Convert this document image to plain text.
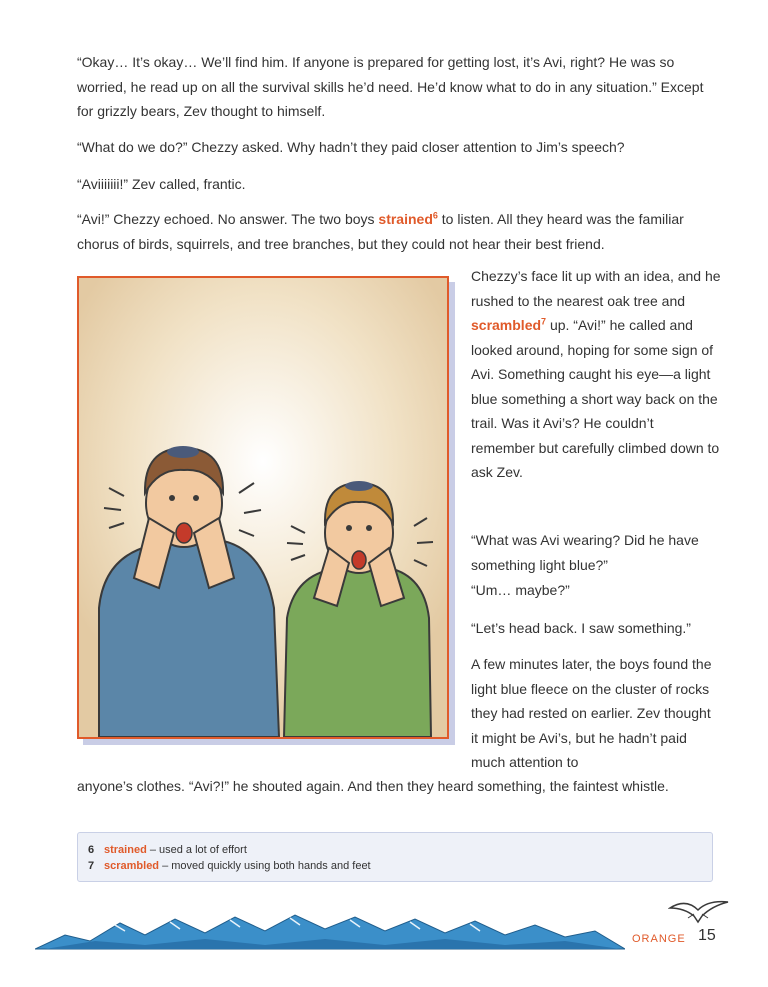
“Okay… It’s okay… We’ll find him. If anyone is prepared for getting lost, it’s Avi, right? He was so worried, he read up on all the survival skills he’d need. He’d know what to do in any situation.” Except for grizzly bears, Zev thought to himself.

“What do we do?” Chezzy asked. Why hadn’t they paid closer attention to Jim’s speech?

“Aviiiiiii!” Zev called, frantic.

“Avi!” Chezzy echoed. No answer. The two boys strained$^6$ to listen. All they heard was the familiar chorus of birds, squirrels, and tree branches, but they could not hear their best friend.

Chezzy’s face lit up with an idea, and he rushed to the nearest oak tree and scrambled$^7$ up. “Avi!” he called and looked around, hoping for some sign of Avi. Something caught his eye—a light blue something a short way back on the trail. Was it Avi’s? He couldn’t remember but carefully climbed down to ask Zev.

“What was Avi wearing? Did he have something light blue?”

“Um… maybe?”

“Let’s head back. I saw something.”

A few minutes later, the boys found the light blue fleece on the cluster of rocks they had rested on earlier. Zev thought it might be Avi’s, but he hadn’t paid much attention to

anyone’s clothes. “Avi?!” he shouted again. And then they heard something, the faintest whistle.

6 strained – used a lot of effort
7 scrambled – moved quickly using both hands and feet
ORANGE 15
